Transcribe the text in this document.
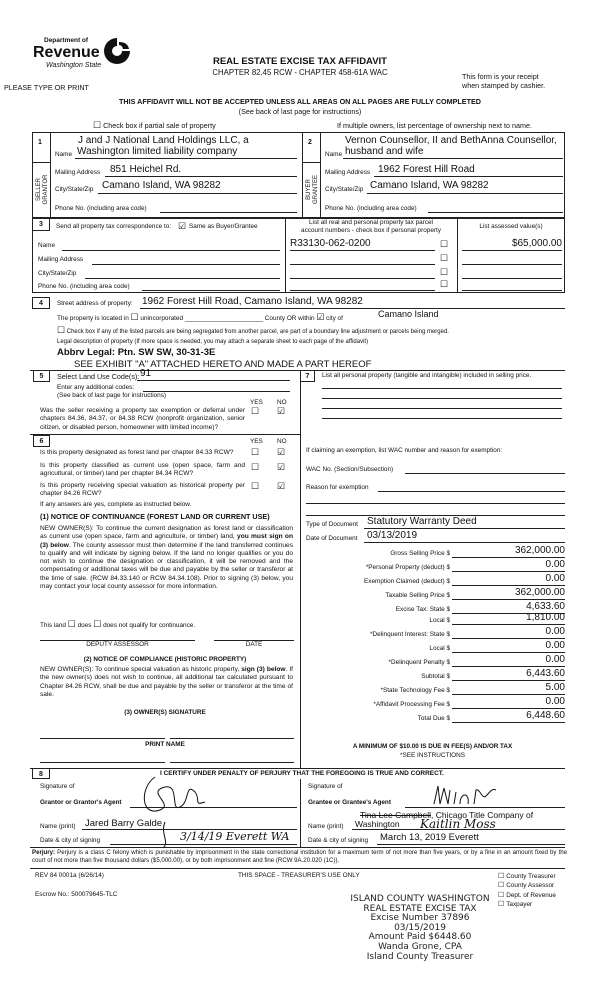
Department of
Revenue
Washington State
PLEASE TYPE OR PRINT
REAL ESTATE EXCISE TAX AFFIDAVIT
CHAPTER 82.45 RCW - CHAPTER 458-61A WAC	This form is your receipt
when stamped by cashier.
THIS AFFIDAVIT WILL NOT BE ACCEPTED UNLESS ALL AREAS ON ALL PAGES ARE FULLY COMPLETED
(See back of last page for instructions)
☐ Check box if partial sale of property	If multiple owners, list percentage of ownership next to name.
1	2
SELLER
GRANTOR	BUYER
GRANTEE
J and J National Land Holdings LLC, a
Name Washington limited liability company
Mailing Address 851 Heichel Rd.
City/State/Zip Camano Island, WA 98282
Phone No. (including area code)
Vernon Counsellor, II and BethAnna Counsellor,
Name husband and wife
Mailing Address 1962 Forest Hill Road
City/State/Zip Camano Island, WA 98282
Phone No. (including area code)
3	Send all property tax correspondence to: ☑ Same as Buyer/Grantee
List all real and personal property tax parcel
account numbers - check box if personal property
List assessed value(s)
Name
Mailing Address
City/State/Zip
Phone No. (including area code)
R33130-062-0200	$65,000.00
☐
☐
☐
☐
4	Street address of property: 1962 Forest Hill Road, Camano Island, WA 98282
The property is located in ☐ unincorporated ______________________ County OR within ☑ city of	Camano Island
☐ Check box if any of the listed parcels are being segregated from another parcel, are part of a boundary line adjustment or parcels being merged.
Legal description of property (If more space is needed, you may attach a separate sheet to each page of the affidavit)
Abbrv Legal: Ptn. SW SW, 30-31-3E
SEE EXHIBIT "A" ATTACHED HERETO AND MADE A PART HEREOF
5	Select Land Use Code(s): 91
Enter any additional codes:
(See back of last page for instructions)
YES NO
Was the seller receiving a property tax exemption or deferral under chapters 84.36, 84.37, or 84.38 RCW (nonprofit organization, senior citizen, or disabled person, homeowner with limited income)?
☐ ☑
6	YES NO
Is this property designated as forest land per chapter 84.33 RCW?	☐ ☑
Is this property classified as current use (open space, farm and agricultural, or timber) land per chapter 84.34 RCW?
☐ ☑
Is this property receiving special valuation as historical property per chapter 84.26 RCW?
☐ ☑
If any answers are yes, complete as instructed below.
(1) NOTICE OF CONTINUANCE (FOREST LAND OR CURRENT USE)
NEW OWNER(S): To continue the current designation as forest land or classification as current use (open space, farm and agriculture, or timber) land, you must sign on (3) below. The county assessor must then determine if the land transferred continues to qualify and will indicate by signing below. If the land no longer qualifies or you do not wish to continue the designation or classification, it will be removed and the compensating or additional taxes will be due and payable by the seller or transferor at the time of sale. (RCW 84.33.140 or RCW 84.34.108). Prior to signing (3) below, you may contact your local county assessor for more information.
This land ☐ does ☐ does not qualify for continuance.
DEPUTY ASSESSOR	DATE
(2) NOTICE OF COMPLIANCE (HISTORIC PROPERTY)
NEW OWNER(S): To continue special valuation as historic property, sign (3) below. If the new owner(s) does not wish to continue, all additional tax calculated pursuant to Chapter 84.26 RCW, shall be due and payable by the seller or transferor at the time of sale.
(3) OWNER(S) SIGNATURE
PRINT NAME
7	List all personal property (tangible and intangible) included in selling price.
If claiming an exemption, list WAC number and reason for exemption:
WAC No. (Section/Subsection)
Reason for exemption
Type of Document Statutory Warranty Deed
Date of Document 03/13/2019
Gross Selling Price $	362,000.00
*Personal Property (deduct) $	0.00
Exemption Claimed (deduct) $	0.00
Taxable Selling Price $	362,000.00
Excise Tax: State $	4,633.60
Local $	1,810.00
*Delinquent Interest: State $	0.00
Local $	0.00
*Delinquent Penalty $	0.00
Subtotal $	6,443.60
*State Technology Fee $	5.00
*Affidavit Processing Fee $	0.00
Total Due $	6,448.60
A MINIMUM OF $10.00 IS DUE IN FEE(S) AND/OR TAX
*SEE INSTRUCTIONS
8	I CERTIFY UNDER PENALTY OF PERJURY THAT THE FOREGOING IS TRUE AND CORRECT.
Signature of
Grantor or Grantor's Agent
Name (print) Jared Barry Galde
Date & city of signing	3/14/19 Everett WA
Signature of
Grantee or Grantee's Agent
Tina Lee Campbell, Chicago Title Company of
Name (print) Washington Kaitlin Moss
Date & city of signing March 13, 2019 Everett
Perjury: Perjury is a class C felony which is punishable by imprisonment in the state correctional institution for a maximum term of not more than five years, or by a fine in an amount fixed by the court of not more than five thousand dollars ($5,000.00), or by both imprisonment and fine (RCW 9A.20.020 (1C)).
REV 84 0001a (6/26/14)	THIS SPACE - TREASURER'S USE ONLY
Escrow No.: 500079645-TLC
☐ County Treasurer
☐ County Assessor
☐ Dept. of Revenue
☐ Taxpayer
ISLAND COUNTY WASHINGTON
REAL ESTATE EXCISE TAX
Excise Number 37896
03/15/2019
Amount Paid $6448.60
Wanda Grone, CPA
Island County Treasurer
